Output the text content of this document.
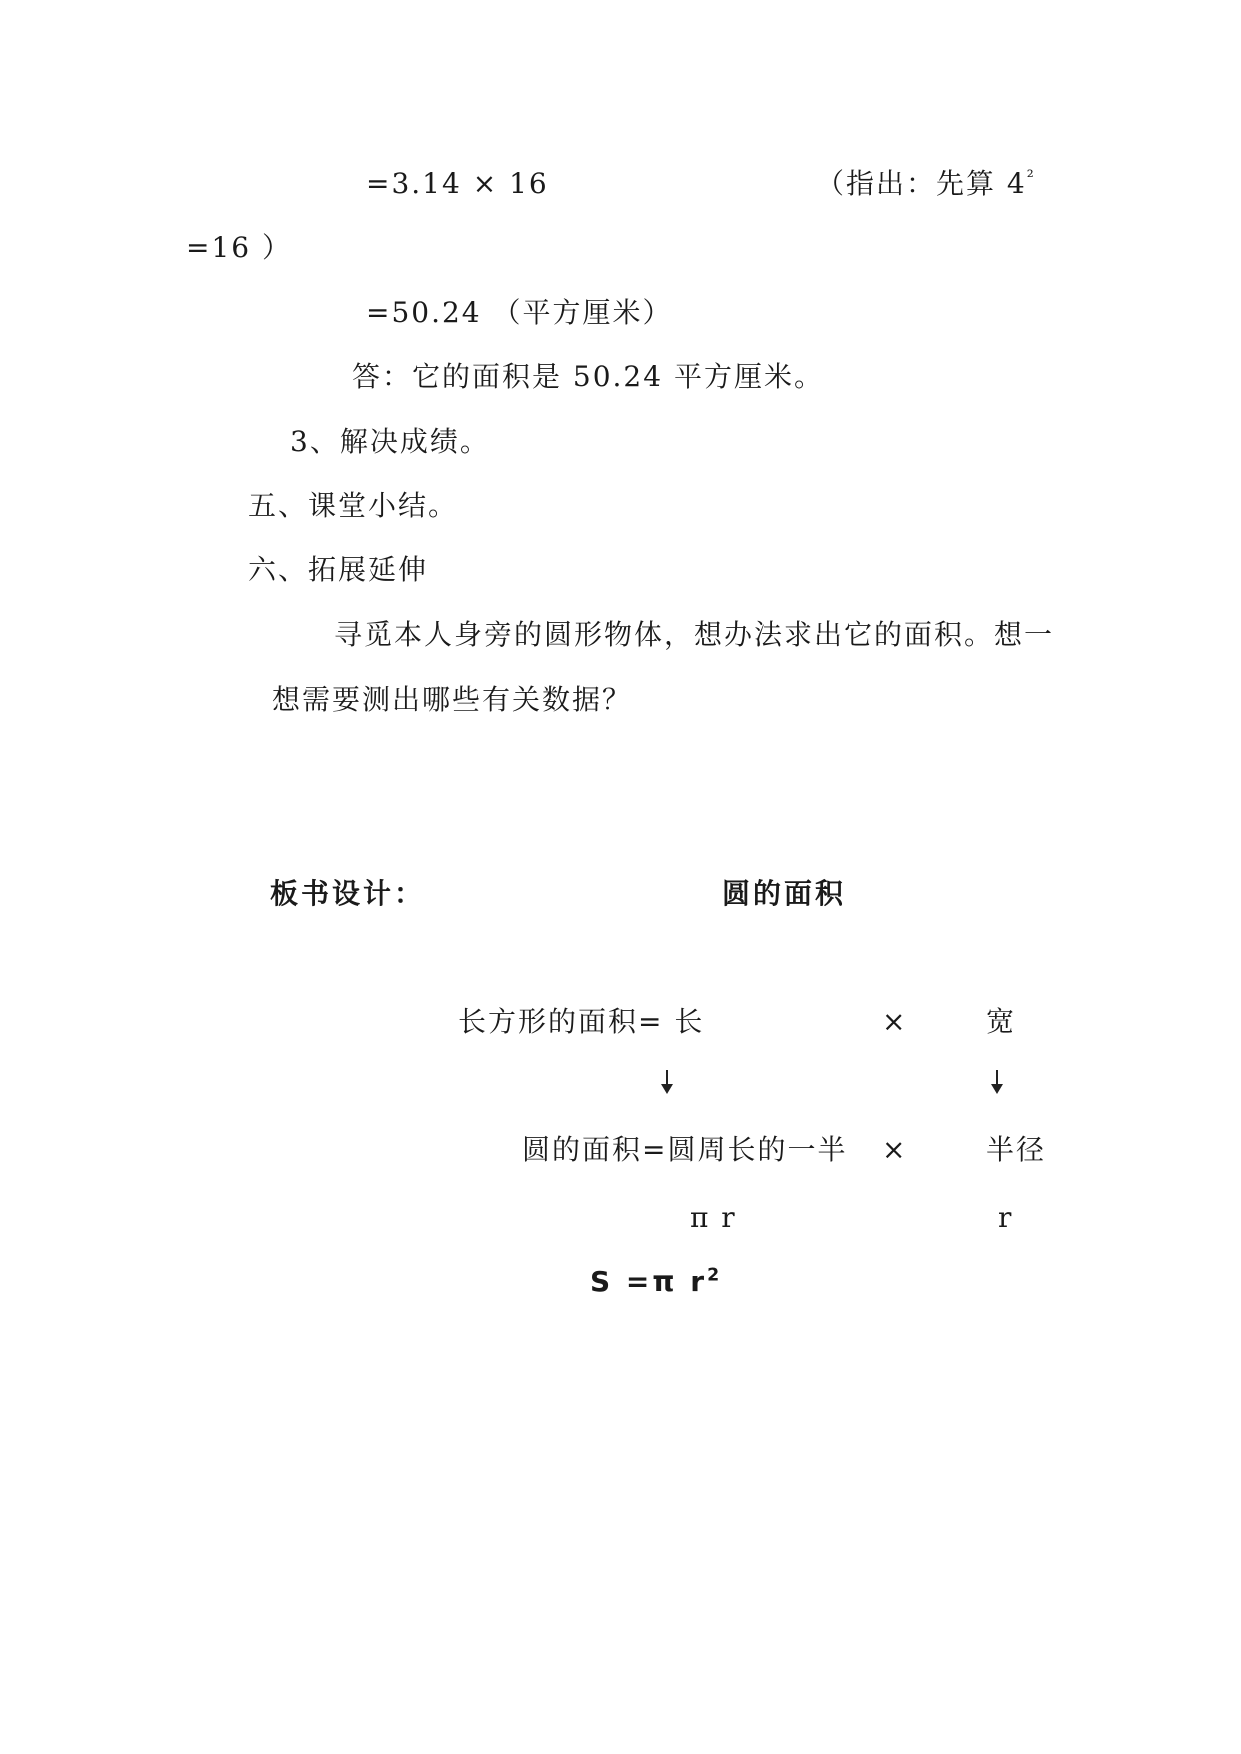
=3.14 × 16	（指出：先算 $4^{^2}$
=16 ）
=50.24 （平方厘米）
答：它的面积是 50.24 平方厘米。
3、解决成绩。
五、课堂小结。
六、拓展延伸
寻觅本人身旁的圆形物体，想办法求出它的面积。想一
想需要测出哪些有关数据？
板书设计：	圆的面积
长方形的面积= 长	×	宽
圆的面积=圆周长的一半 ×	半径
π r	r
S =π $r^2$
